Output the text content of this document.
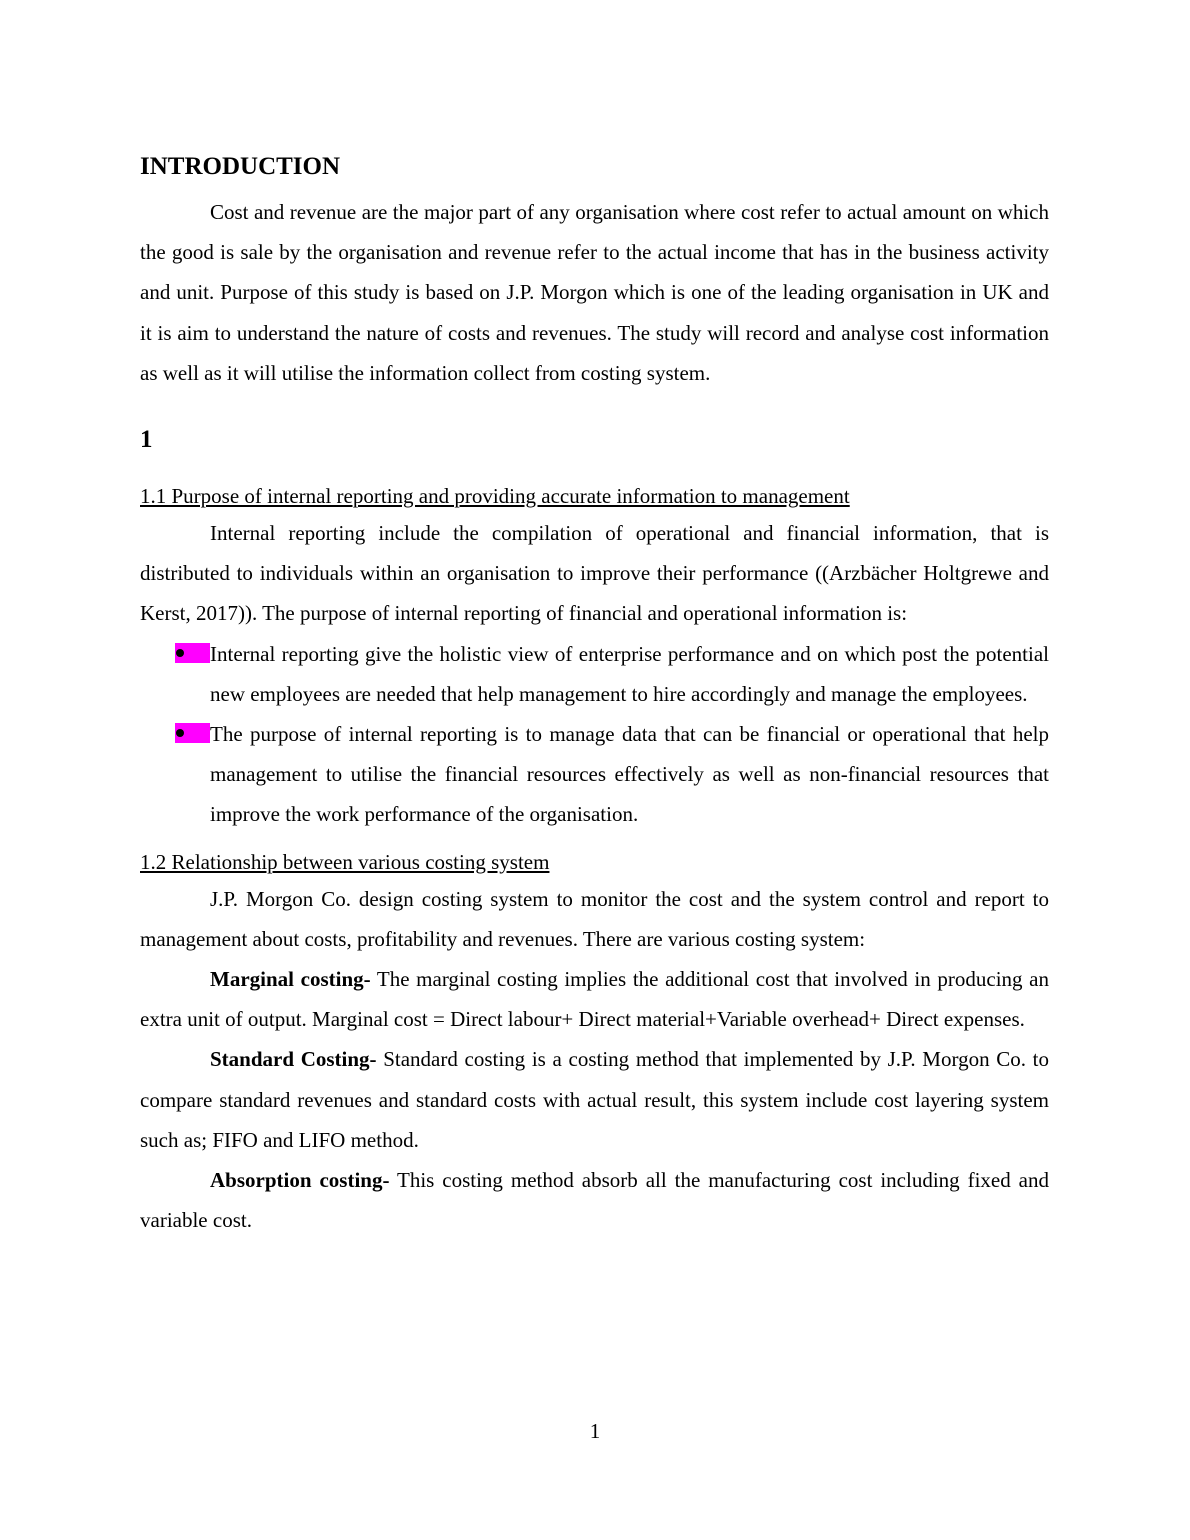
INTRODUCTION

Cost and revenue are the major part of any organisation where cost refer to actual amount on which the good is sale by the organisation and revenue refer to the actual income that has in the business activity and unit. Purpose of this study is based on J.P. Morgon which is one of the leading organisation in UK and it is aim to understand the nature of costs and revenues. The study will record and analyse cost information as well as it will utilise the information collect from costing system.

1
1.1 Purpose of internal reporting and providing accurate information to management

Internal reporting include the compilation of operational and financial information, that is distributed to individuals within an organisation to improve their performance ((Arzbächer Holtgrewe and Kerst, 2017)). The purpose of internal reporting of financial and operational information is:

Internal reporting give the holistic view of enterprise performance and on which post the potential new employees are needed that help management to hire accordingly and manage the employees.
The purpose of internal reporting is to manage data that can be financial or operational that help management to utilise the financial resources effectively as well as non-financial resources that improve the work performance of the organisation.
1.2 Relationship between various costing system

J.P. Morgon Co. design costing system to monitor the cost and the system control and report to management about costs, profitability and revenues. There are various costing system:

Marginal costing- The marginal costing implies the additional cost that involved in producing an extra unit of output. Marginal cost = Direct labour+ Direct material+Variable overhead+ Direct expenses.

Standard Costing- Standard costing is a costing method that implemented by J.P. Morgon Co. to compare standard revenues and standard costs with actual result, this system include cost layering system such as; FIFO and LIFO method.

Absorption costing- This costing method absorb all the manufacturing cost including fixed and variable cost.

1
